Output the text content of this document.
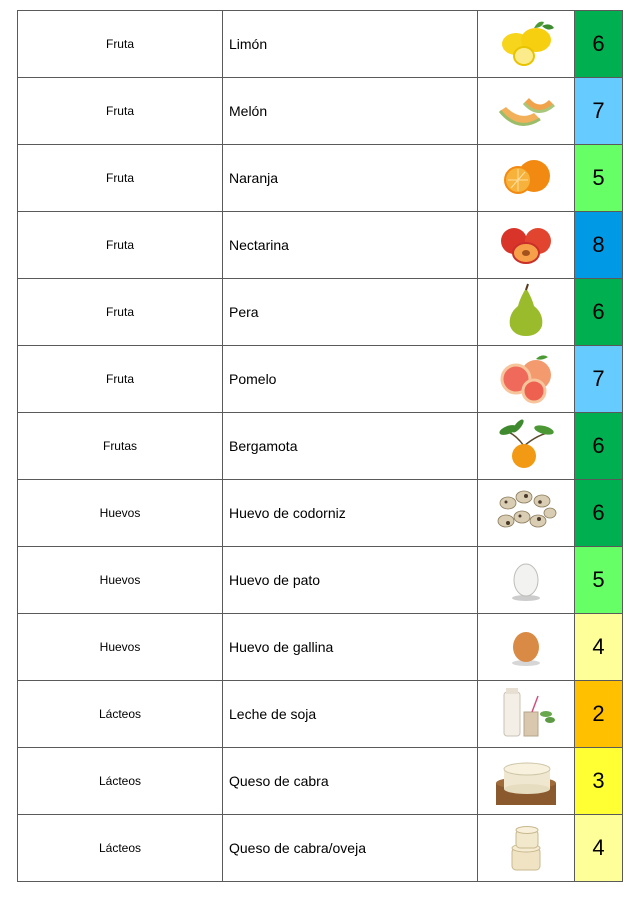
Fruta	Limón		6
Fruta	Melón		7
Fruta	Naranja		5
Fruta	Nectarina		8
Fruta	Pera		6
Fruta	Pomelo		7
Frutas	Bergamota		6
Huevos	Huevo de codorniz		6
Huevos	Huevo de pato		5
Huevos	Huevo de gallina		4
Lácteos	Leche de soja		2
Lácteos	Queso de cabra		3
Lácteos	Queso de cabra/oveja		4
